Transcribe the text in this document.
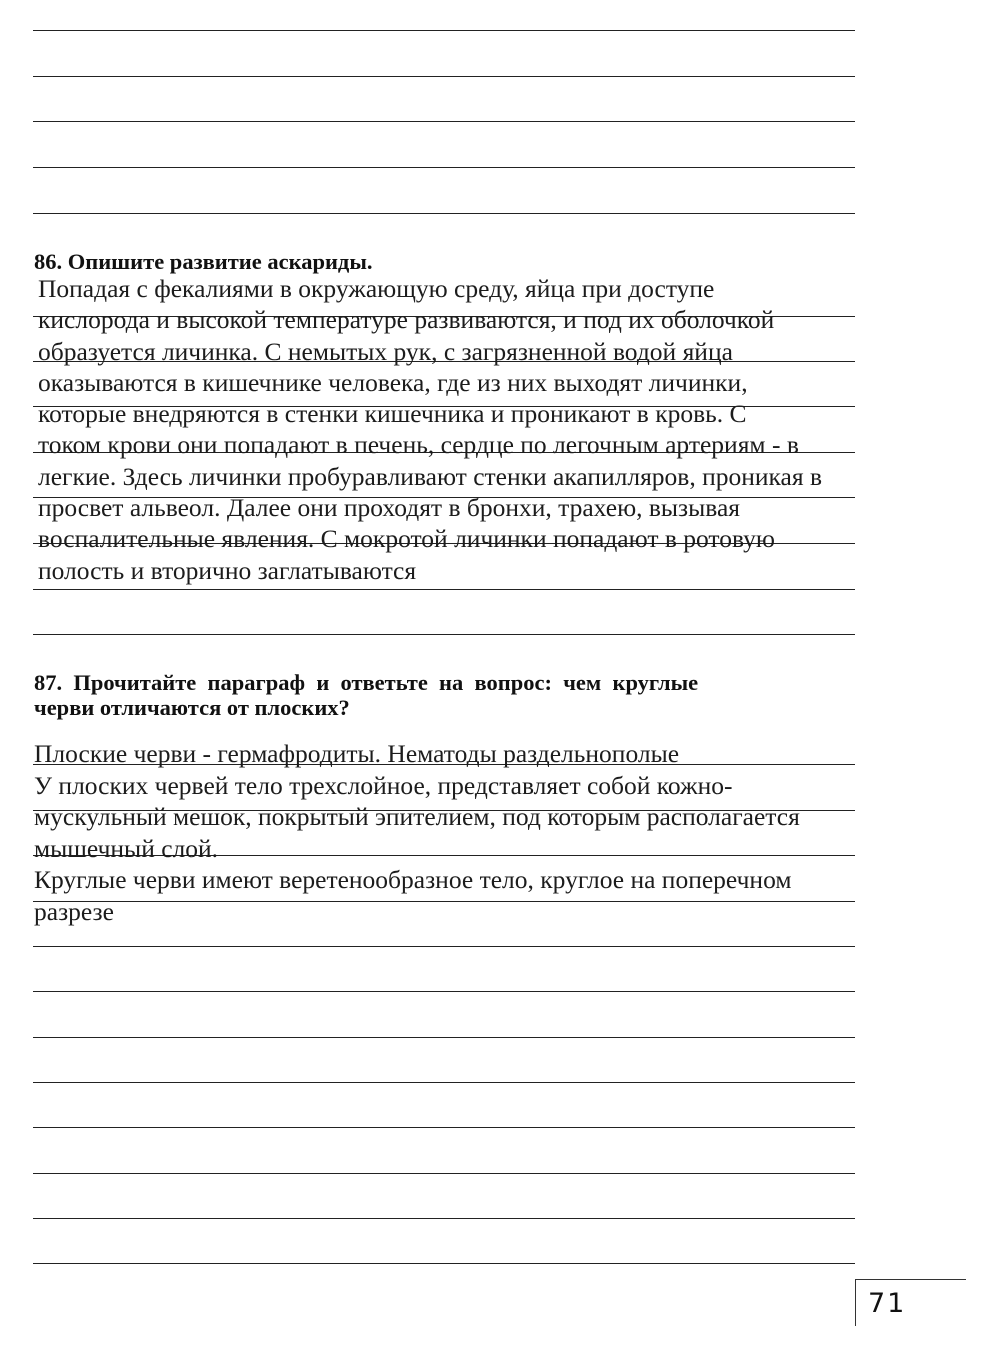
86. Опишите развитие аскариды.
Попадая с фекалиями в окружающую среду, яйца при доступе
кислорода и высокой температуре развиваются, и под их оболочкой
образуется личинка. С немытых рук, с загрязненной водой яйца
оказываются в кишечнике человека, где из них выходят личинки,
которые внедряются в стенки кишечника и проникают в кровь. С
током крови они попадают в печень, сердце по легочным артериям - в
легкие. Здесь личинки пробуравливают стенки акапилляров, проникая в
просвет альвеол. Далее они проходят в бронхи, трахею, вызывая
воспалительные явления. С мокротой личинки попадают в ротовую
полость и вторично заглатываются
87.  Прочитайте  параграф  и  ответьте  на  вопрос:  чем  круглые
черви отличаются от плоских?
Плоские черви - гермафродиты. Нематоды раздельнополые
У плоских червей тело трехслойное, представляет собой кожно-
мускульный мешок, покрытый эпителием, под которым располагается
мышечный слой.
Круглые черви имеют веретенообразное тело, круглое на поперечном
разрезе
71
